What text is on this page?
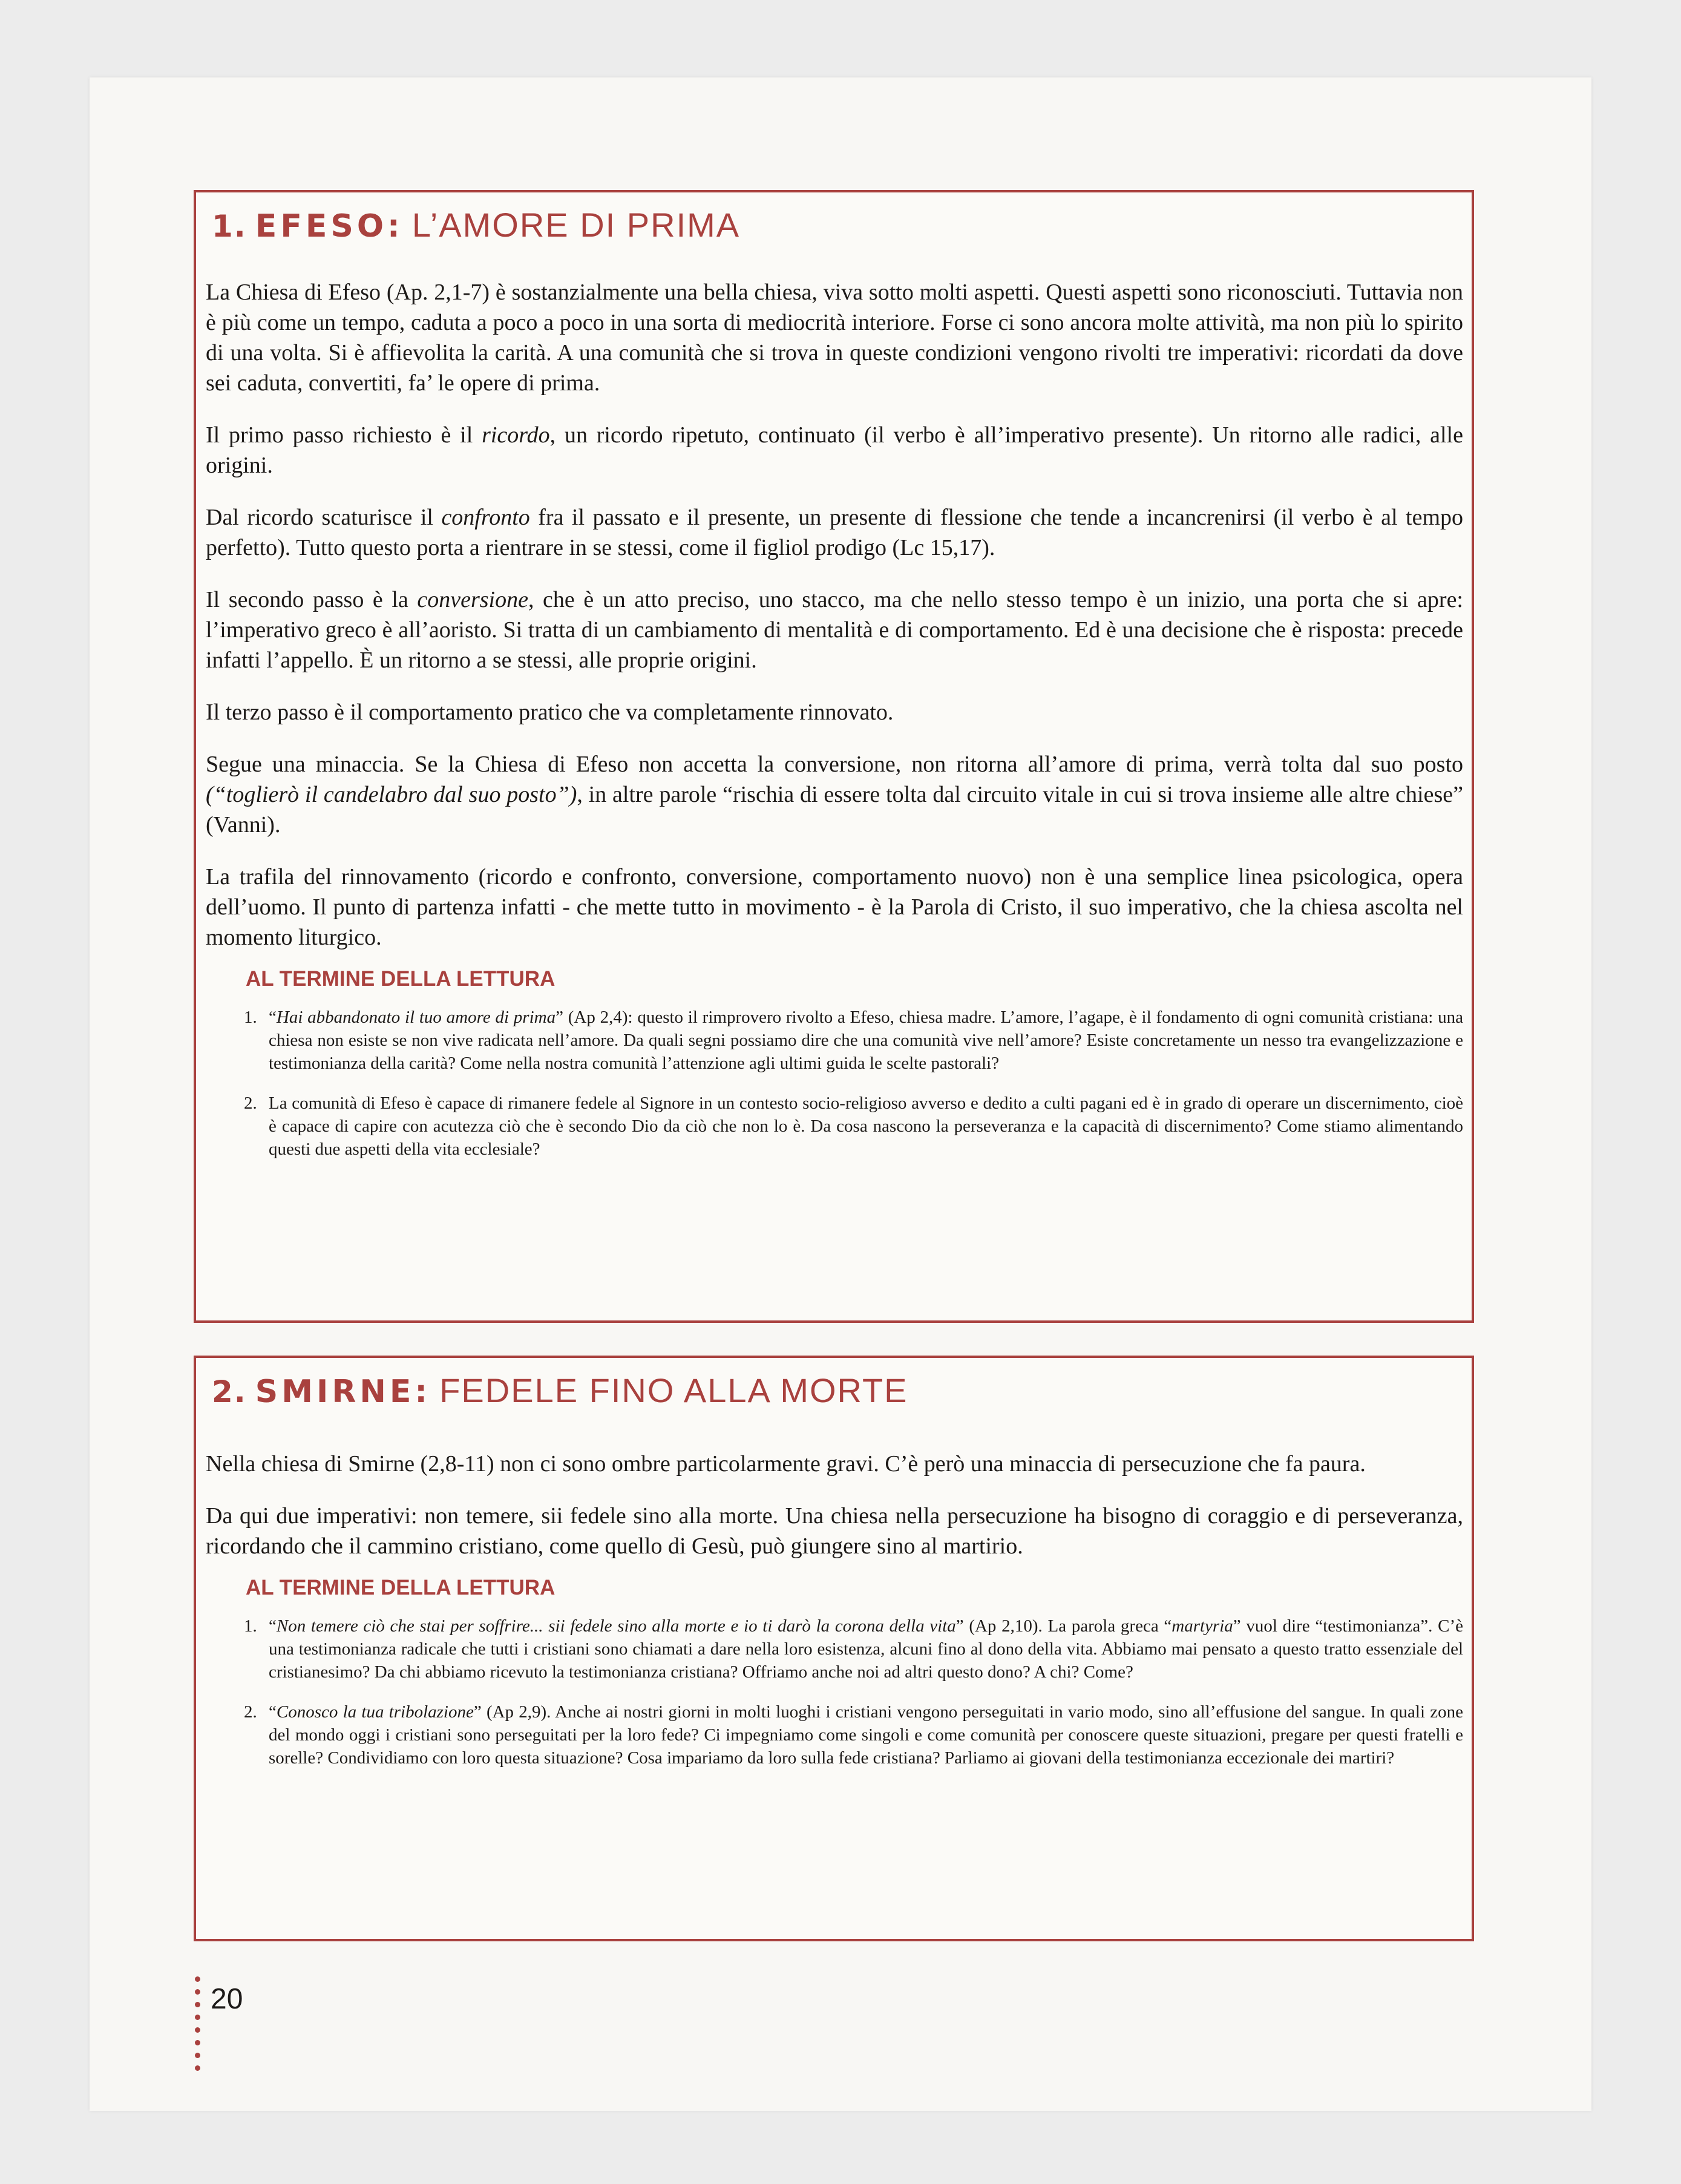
1. EFESO: L’AMORE DI PRIMA

La Chiesa di Efeso (Ap. 2,1-7) è sostanzialmente una bella chiesa, viva sotto molti aspetti. Questi aspetti sono riconosciuti. Tuttavia non è più come un tempo, caduta a poco a poco in una sorta di mediocrità interiore. Forse ci sono ancora molte attività, ma non più lo spirito di una volta. Si è affievolita la carità. A una comunità che si trova in queste condizioni vengono rivolti tre imperativi: ricordati da dove sei caduta, convertiti, fa’ le opere di prima.

Il primo passo richiesto è il ricordo, un ricordo ripetuto, continuato (il verbo è all’imperativo presente). Un ritorno alle radici, alle origini.

Dal ricordo scaturisce il confronto fra il passato e il presente, un presente di flessione che tende a incancrenirsi (il verbo è al tempo perfetto). Tutto questo porta a rientrare in se stessi, come il figliol prodigo (Lc 15,17).

Il secondo passo è la conversione, che è un atto preciso, uno stacco, ma che nello stesso tempo è un inizio, una porta che si apre: l’imperativo greco è all’aoristo. Si tratta di un cambiamento di mentalità e di comportamento. Ed è una decisione che è risposta: precede infatti l’appello. È un ritorno a se stessi, alle proprie origini.

Il terzo passo è il comportamento pratico che va completamente rinnovato.

Segue una minaccia. Se la Chiesa di Efeso non accetta la conversione, non ritorna all’amore di prima, verrà tolta dal suo posto (“toglierò il candelabro dal suo posto”), in altre parole “rischia di essere tolta dal circuito vitale in cui si trova insieme alle altre chiese” (Vanni).

La trafila del rinnovamento (ricordo e confronto, conversione, comportamento nuovo) non è una semplice linea psicologica, opera dell’uomo. Il punto di partenza infatti - che mette tutto in movimento - è la Parola di Cristo, il suo imperativo, che la chiesa ascolta nel momento liturgico.

AL TERMINE DELLA LETTURA
1. “Hai abbandonato il tuo amore di prima” (Ap 2,4): questo il rimprovero rivolto a Efeso, chiesa madre. L’amore, l’agape, è il fondamento di ogni comunità cristiana: una chiesa non esiste se non vive radicata nell’amore. Da quali segni possiamo dire che una comunità vive nell’amore? Esiste concretamente un nesso tra evangelizzazione e testimonianza della carità? Come nella nostra comunità l’attenzione agli ultimi guida le scelte pastorali?
2. La comunità di Efeso è capace di rimanere fedele al Signore in un contesto socio-religioso avverso e dedito a culti pagani ed è in grado di operare un discernimento, cioè è capace di capire con acutezza ciò che è secondo Dio da ciò che non lo è. Da cosa nascono la perseveranza e la capacità di discernimento? Come stiamo alimentando questi due aspetti della vita ecclesiale?
2. SMIRNE: FEDELE FINO ALLA MORTE

Nella chiesa di Smirne (2,8-11) non ci sono ombre particolarmente gravi. C’è però una minaccia di persecuzione che fa paura.

Da qui due imperativi: non temere, sii fedele sino alla morte. Una chiesa nella persecuzione ha bisogno di coraggio e di perseveranza, ricordando che il cammino cristiano, come quello di Gesù, può giungere sino al martirio.

AL TERMINE DELLA LETTURA
1. “Non temere ciò che stai per soffrire... sii fedele sino alla morte e io ti darò la corona della vita” (Ap 2,10). La parola greca “martyria” vuol dire “testimonianza”. C’è una testimonianza radicale che tutti i cristiani sono chiamati a dare nella loro esistenza, alcuni fino al dono della vita. Abbiamo mai pensato a questo tratto essenziale del cristianesimo? Da chi abbiamo ricevuto la testimonianza cristiana? Offriamo anche noi ad altri questo dono? A chi? Come?
2. “Conosco la tua tribolazione” (Ap 2,9). Anche ai nostri giorni in molti luoghi i cristiani vengono perseguitati in vario modo, sino all’effusione del sangue. In quali zone del mondo oggi i cristiani sono perseguitati per la loro fede? Ci impegniamo come singoli e come comunità per conoscere queste situazioni, pregare per questi fratelli e sorelle? Condividiamo con loro questa situazione? Cosa impariamo da loro sulla fede cristiana? Parliamo ai giovani della testimonianza eccezionale dei martiri?
20
